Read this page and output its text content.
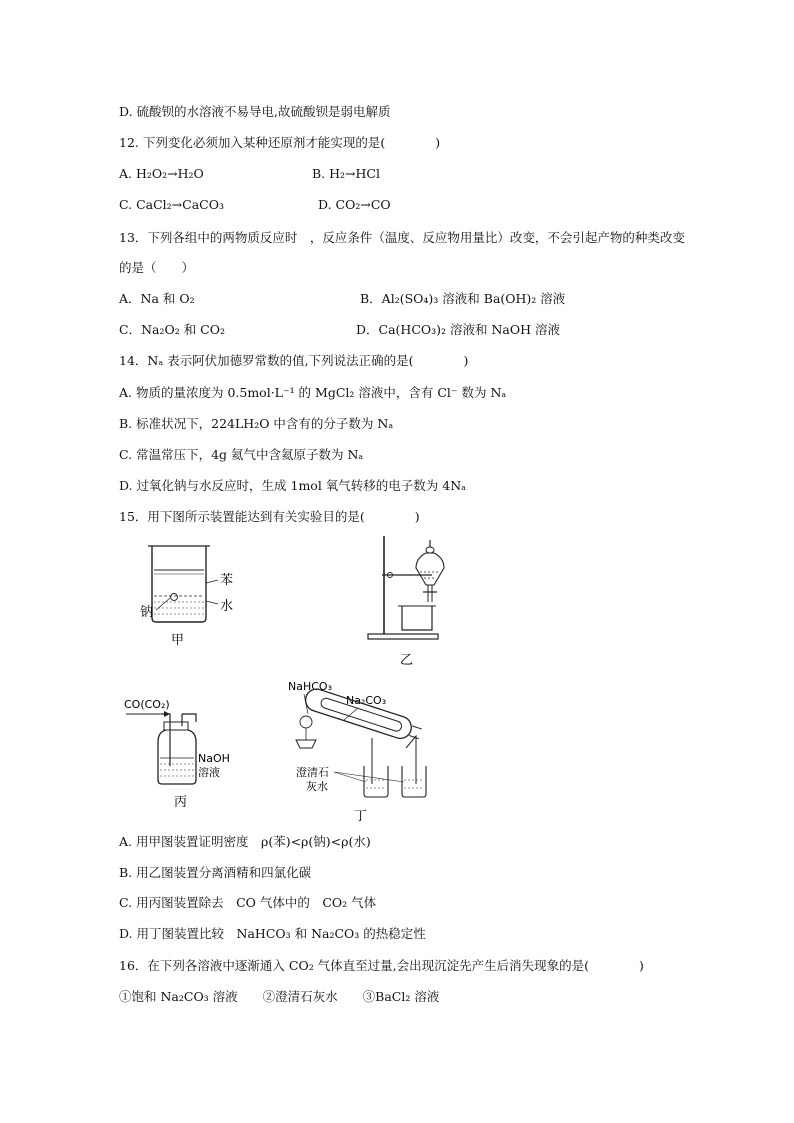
D. 硫酸钡的水溶液不易导电,故硫酸钡是弱电解质
12. 下列变化必须加入某种还原剂才能实现的是(　　　　)
A. H₂O₂→H₂O	B. H₂→HCl
C. CaCl₂→CaCO₃	D. CO₂→CO
13．下列各组中的两物质反应时　，反应条件（温度、反应物用量比）改变，不会引起产物的种类改变
的是（　　）
A．Na 和 O₂	B．Al₂(SO₄)₃ 溶液和 Ba(OH)₂ 溶液
C．Na₂O₂ 和 CO₂	D．Ca(HCO₃)₂ 溶液和 NaOH 溶液
14．Nₐ 表示阿伏加德罗常数的值,下列说法正确的是(　　　　)
A. 物质的量浓度为 0.5mol·L⁻¹ 的 MgCl₂ 溶液中，含有 Cl⁻ 数为 Nₐ
B. 标准状况下，224LH₂O 中含有的分子数为 Nₐ
C. 常温常压下，4g 氦气中含氦原子数为 Nₐ
D. 过氧化钠与水反应时，生成 1mol 氧气转移的电子数为 4Nₐ
15．用下图所示装置能达到有关实验目的是(　　　　)
苯
水
钠
甲
乙
CO(CO₂)
NaOH
溶液
丙
NaHCO₃
Na₂CO₃
澄清石
灰水
丁
A. 用甲图装置证明密度　ρ(苯)<ρ(钠)<ρ(水)
B. 用乙图装置分离酒精和四氯化碳
C. 用丙图装置除去　CO 气体中的　CO₂ 气体
D. 用丁图装置比较　NaHCO₃ 和 Na₂CO₃ 的热稳定性
16．在下列各溶液中逐渐通入 CO₂ 气体直至过量,会出现沉淀先产生后消失现象的是(　　　　)
①饱和 Na₂CO₃ 溶液　　②澄清石灰水　　③BaCl₂ 溶液
